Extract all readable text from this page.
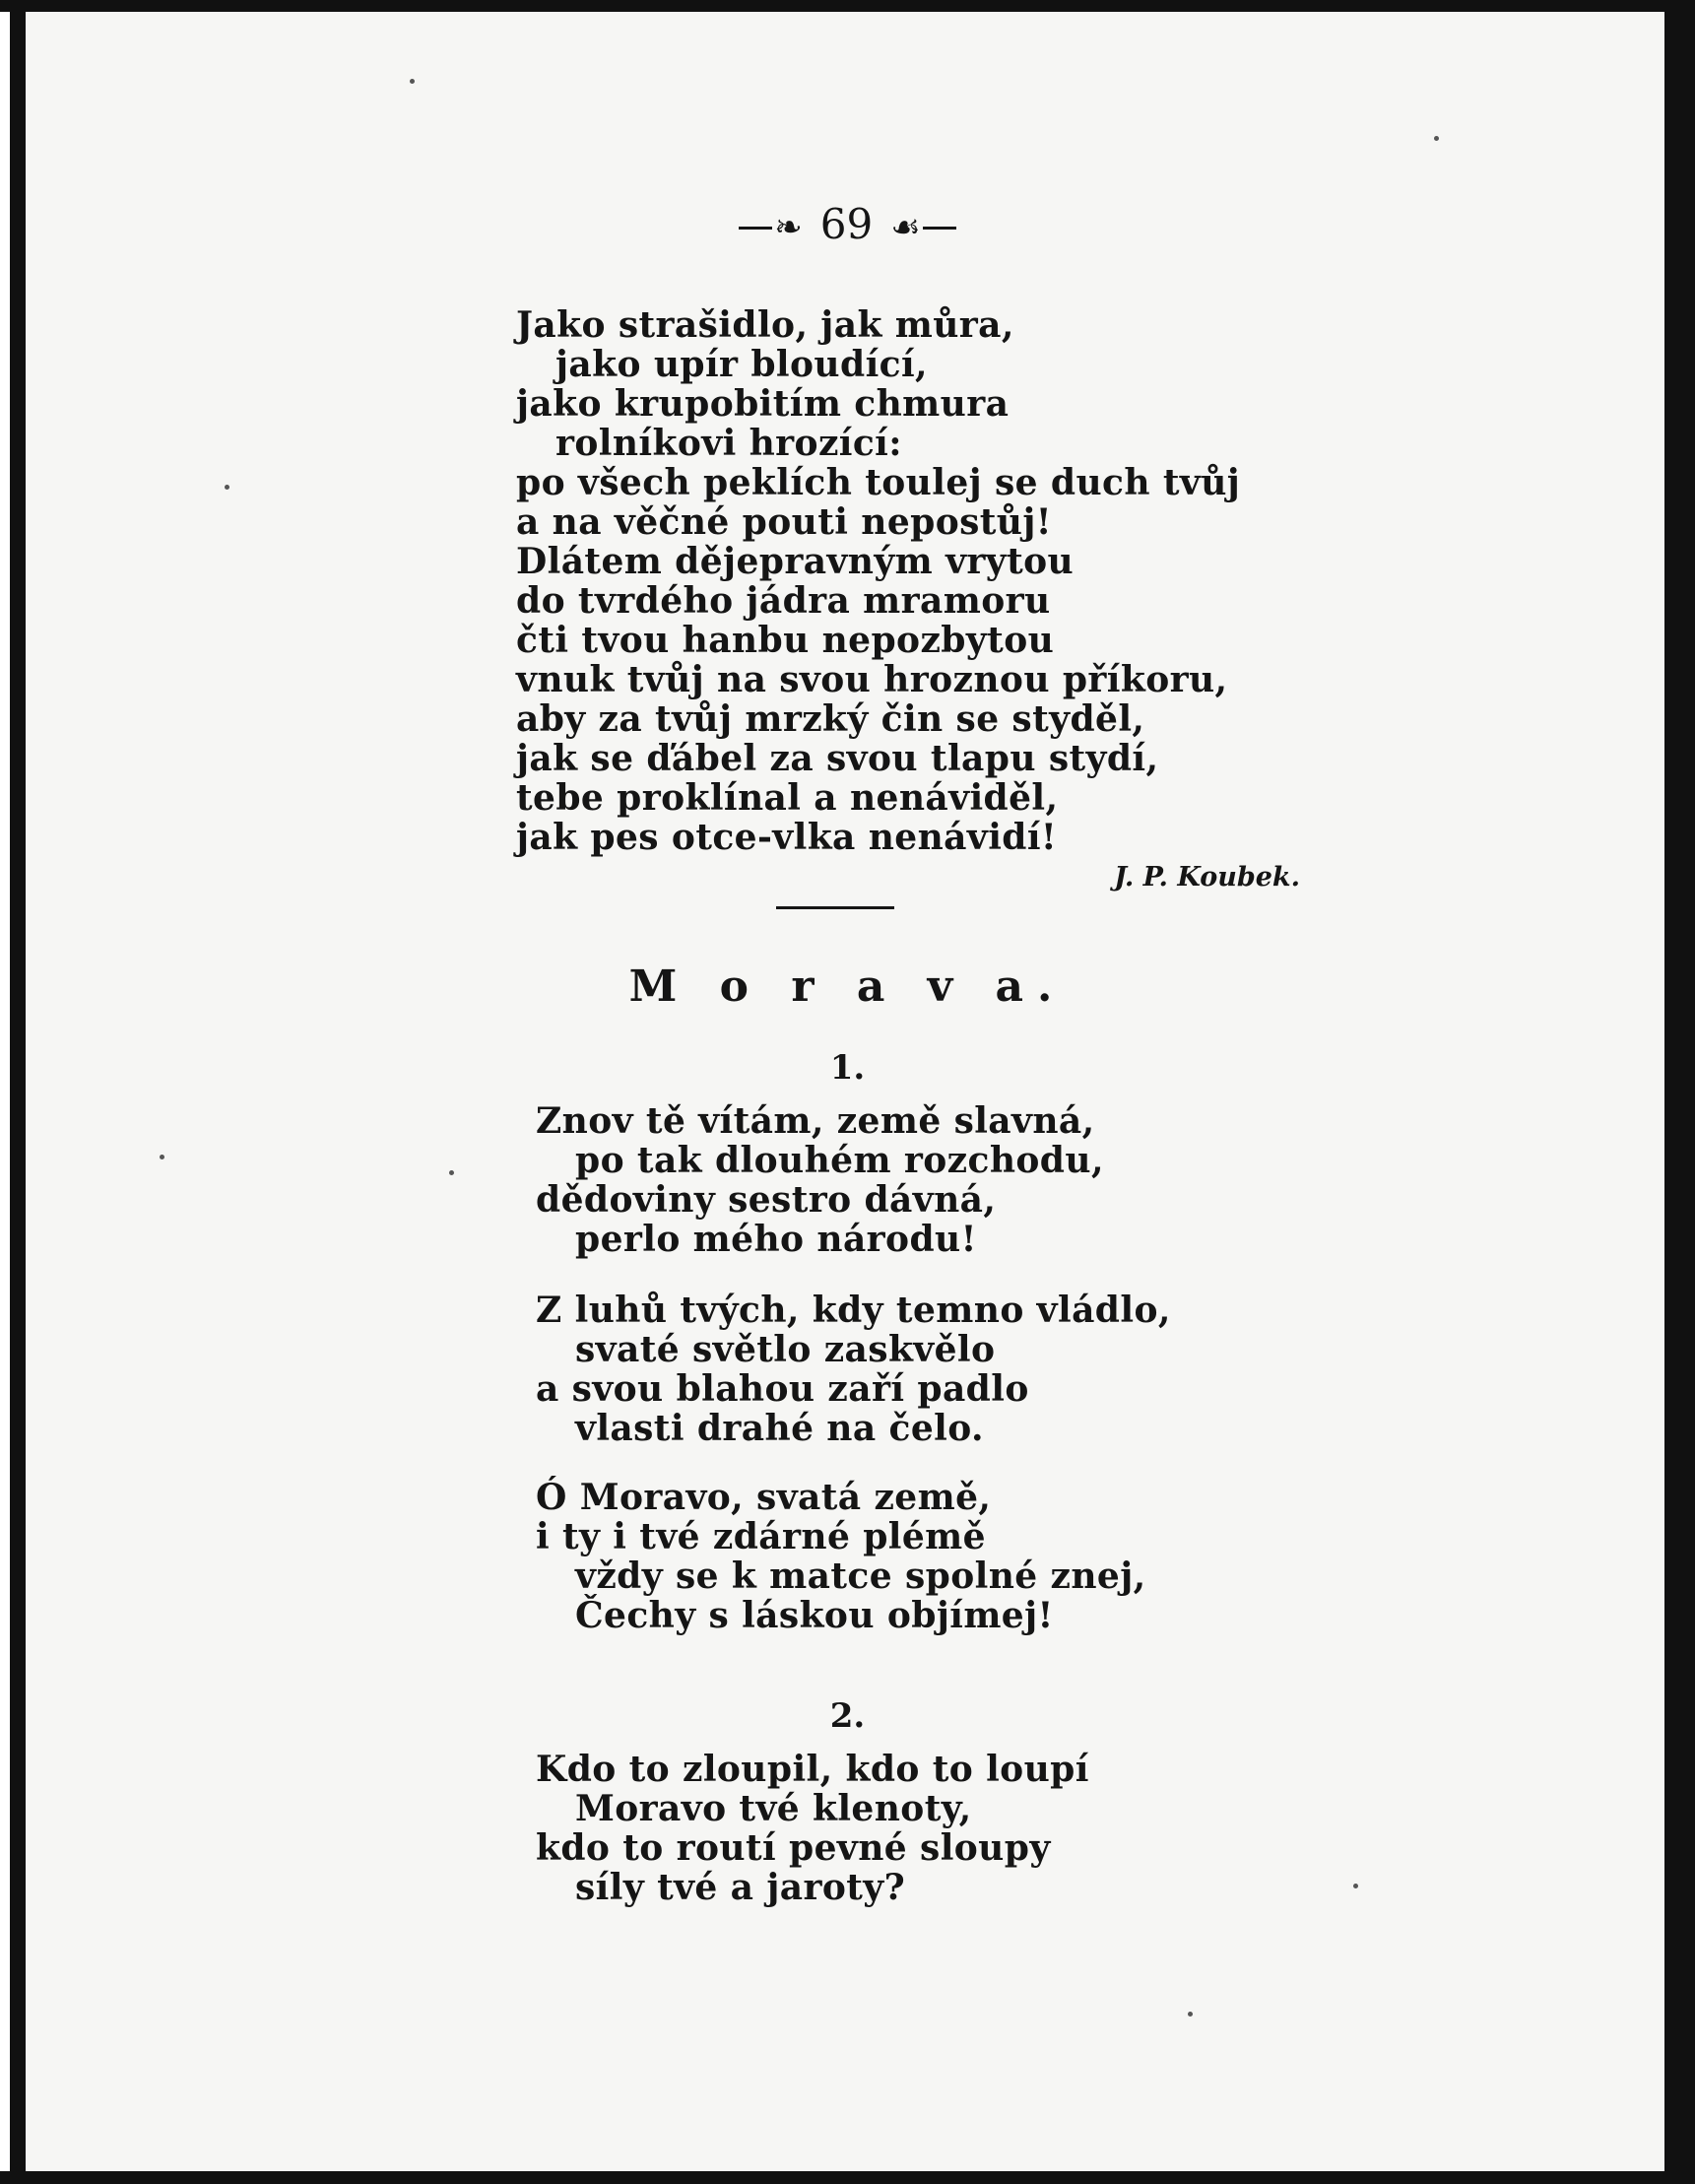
❧ 69 ☙
Jako strašidlo, jak můra,
jako upír bloudící,
jako krupobitím chmura
rolníkovi hrozící:
po všech peklích toulej se duch tvůj
a na věčné pouti nepostůj!
Dlátem dějepravným vrytou
do tvrdého jádra mramoru
čti tvou hanbu nepozbytou
vnuk tvůj na svou hroznou příkoru,
aby za tvůj mrzký čin se styděl,
jak se ďábel za svou tlapu stydí,
tebe proklínal a nenáviděl,
jak pes otce-vlka nenávidí!
J. P. Koubek.
M o r a v a.
1.
Znov tě vítám, země slavná,
po tak dlouhém rozchodu,
dědoviny sestro dávná,
perlo mého národu!
Z luhů tvých, kdy temno vládlo,
svaté světlo zaskvělo
a svou blahou zaří padlo
vlasti drahé na čelo.
Ó Moravo, svatá země,
i ty i tvé zdárné plémě
vždy se k matce spolné znej,
Čechy s láskou objímej!
2.
Kdo to zloupil, kdo to loupí
Moravo tvé klenoty,
kdo to routí pevné sloupy
síly tvé a jaroty?
